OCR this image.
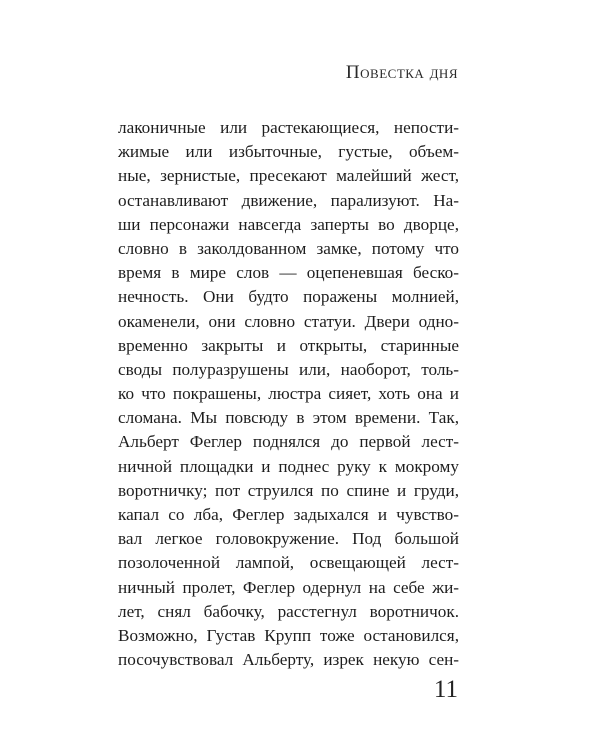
Повестка дня
лаконичные или растекающиеся, непости-
жимые или избыточные, густые, объем-
ные, зернистые, пресекают малейший жест,
останавливают движение, парализуют. На-
ши персонажи навсегда заперты во дворце,
словно в заколдованном замке, потому что
время в мире слов — оцепеневшая беско-
нечность. Они будто поражены молнией,
окаменели, они словно статуи. Двери одно-
временно закрыты и открыты, старинные
своды полуразрушены или, наоборот, толь-
ко что покрашены, люстра сияет, хоть она и
сломана. Мы повсюду в этом времени. Так,
Альберт Феглер поднялся до первой лест-
ничной площадки и поднес руку к мокрому
воротничку; пот струился по спине и груди,
капал со лба, Феглер задыхался и чувство-
вал легкое головокружение. Под большой
позолоченной лампой, освещающей лест-
ничный пролет, Феглер одернул на себе жи-
лет, снял бабочку, расстегнул воротничок.
Возможно, Густав Крупп тоже остановился,
посочувствовал Альберту, изрек некую сен-
11
